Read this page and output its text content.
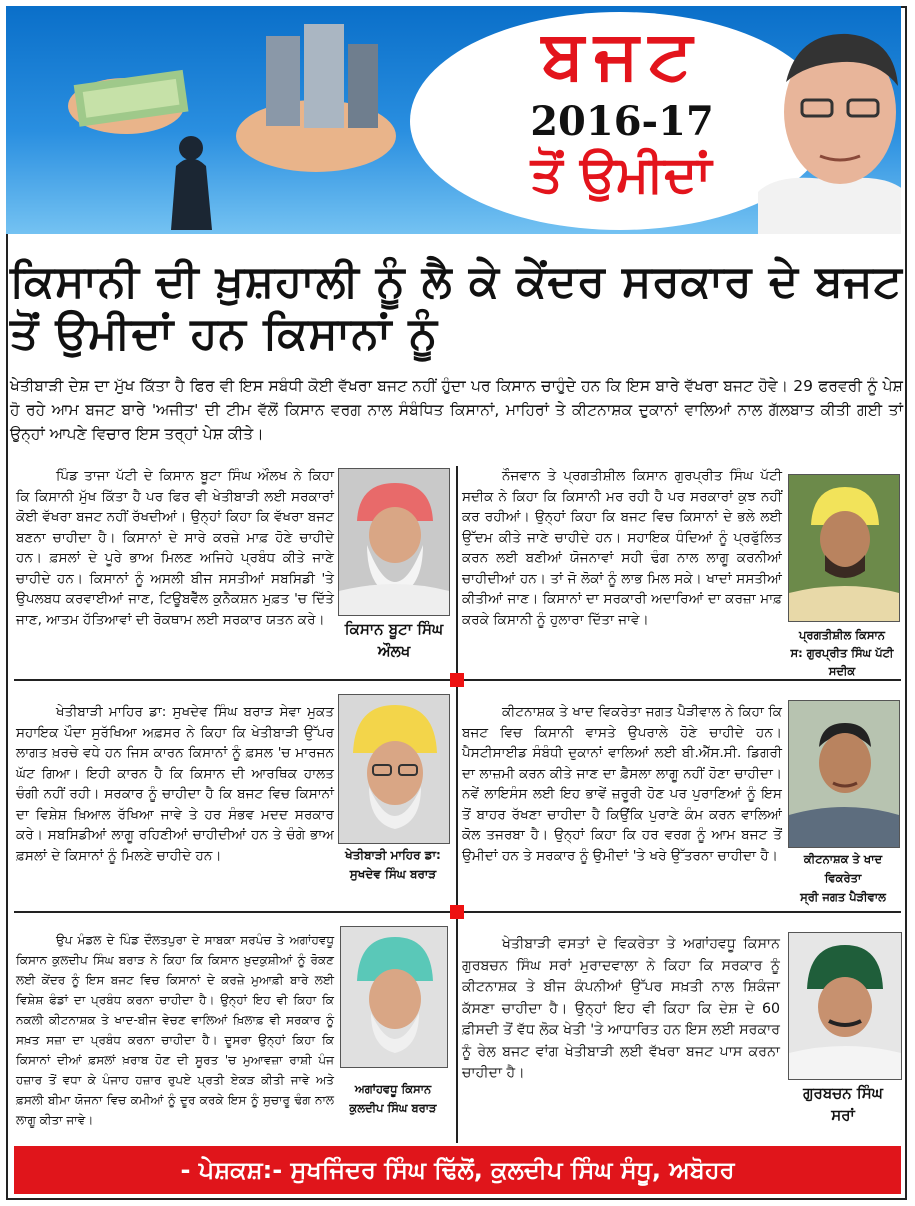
ਬਜਟ
2016-17
ਤੋਂ ਉਮੀਦਾਂ
ਕਿਸਾਨੀ ਦੀ ਖ਼ੁਸ਼ਹਾਲੀ ਨੂੰ ਲੈ ਕੇ ਕੇਂਦਰ ਸਰਕਾਰ ਦੇ ਬਜਟ ਤੋਂ ਉਮੀਦਾਂ ਹਨ ਕਿਸਾਨਾਂ ਨੂੰ
ਖੇਤੀਬਾੜੀ ਦੇਸ਼ ਦਾ ਮੁੱਖ ਕਿੱਤਾ ਹੈ ਫਿਰ ਵੀ ਇਸ ਸਬੰਧੀ ਕੋਈ ਵੱਖਰਾ ਬਜਟ ਨਹੀਂ ਹੁੰਦਾ ਪਰ ਕਿਸਾਨ ਚਾਹੁੰਦੇ ਹਨ ਕਿ ਇਸ ਬਾਰੇ ਵੱਖਰਾ ਬਜਟ ਹੋਵੇ। 29 ਫਰਵਰੀ ਨੂੰ ਪੇਸ਼ ਹੋ ਰਹੇ ਆਮ ਬਜਟ ਬਾਰੇ 'ਅਜੀਤ' ਦੀ ਟੀਮ ਵੱਲੋਂ ਕਿਸਾਨ ਵਰਗ ਨਾਲ ਸੰਬੰਧਿਤ ਕਿਸਾਨਾਂ, ਮਾਹਿਰਾਂ ਤੇ ਕੀਟਨਾਸ਼ਕ ਦੁਕਾਨਾਂ ਵਾਲਿਆਂ ਨਾਲ ਗੱਲਬਾਤ ਕੀਤੀ ਗਈ ਤਾਂ ਉਨ੍ਹਾਂ ਆਪਣੇ ਵਿਚਾਰ ਇਸ ਤਰ੍ਹਾਂ ਪੇਸ਼ ਕੀਤੇ।

ਪਿੰਡ ਤਾਜਾ ਪੱਟੀ ਦੇ ਕਿਸਾਨ ਬੂਟਾ ਸਿੰਘ ਔਲਖ ਨੇ ਕਿਹਾ ਕਿ ਕਿਸਾਨੀ ਮੁੱਖ ਕਿੱਤਾ ਹੈ ਪਰ ਫਿਰ ਵੀ ਖੇਤੀਬਾੜੀ ਲਈ ਸਰਕਾਰਾਂ ਕੋਈ ਵੱਖਰਾ ਬਜਟ ਨਹੀਂ ਰੱਖਦੀਆਂ। ਉਨ੍ਹਾਂ ਕਿਹਾ ਕਿ ਵੱਖਰਾ ਬਜਟ ਬਣਨਾ ਚਾਹੀਦਾ ਹੈ। ਕਿਸਾਨਾਂ ਦੇ ਸਾਰੇ ਕਰਜ਼ੇ ਮਾਫ਼ ਹੋਣੇ ਚਾਹੀਦੇ ਹਨ। ਫ਼ਸਲਾਂ ਦੇ ਪੂਰੇ ਭਾਅ ਮਿਲਣ ਅਜਿਹੇ ਪ੍ਰਬੰਧ ਕੀਤੇ ਜਾਣੇ ਚਾਹੀਦੇ ਹਨ। ਕਿਸਾਨਾਂ ਨੂੰ ਅਸਲੀ ਬੀਜ ਸਸਤੀਆਂ ਸਬਸਿਡੀ 'ਤੇ ਉਪਲਬਧ ਕਰਵਾਈਆਂ ਜਾਣ, ਟਿਊਬਵੈੱਲ ਕੁਨੈਕਸ਼ਨ ਮੁਫ਼ਤ 'ਚ ਦਿੱਤੇ ਜਾਣ, ਆਤਮ ਹੱਤਿਆਵਾਂ ਦੀ ਰੋਕਥਾਮ ਲਈ ਸਰਕਾਰ ਯਤਨ ਕਰੇ।

ਕਿਸਾਨ ਬੂਟਾ ਸਿੰਘ
ਔਲਖ

ਨੌਜਵਾਨ ਤੇ ਪ੍ਰਗਤੀਸ਼ੀਲ ਕਿਸਾਨ ਗੁਰਪ੍ਰੀਤ ਸਿੰਘ ਪੱਟੀ ਸਦੀਕ ਨੇ ਕਿਹਾ ਕਿ ਕਿਸਾਨੀ ਮਰ ਰਹੀ ਹੈ ਪਰ ਸਰਕਾਰਾਂ ਕੁਝ ਨਹੀਂ ਕਰ ਰਹੀਆਂ। ਉਨ੍ਹਾਂ ਕਿਹਾ ਕਿ ਬਜਟ ਵਿਚ ਕਿਸਾਨਾਂ ਦੇ ਭਲੇ ਲਈ ਉੱਦਮ ਕੀਤੇ ਜਾਣੇ ਚਾਹੀਦੇ ਹਨ। ਸਹਾਇਕ ਧੰਦਿਆਂ ਨੂੰ ਪ੍ਰਫੁੱਲਿਤ ਕਰਨ ਲਈ ਬਣੀਆਂ ਯੋਜਨਾਵਾਂ ਸਹੀ ਢੰਗ ਨਾਲ ਲਾਗੂ ਕਰਨੀਆਂ ਚਾਹੀਦੀਆਂ ਹਨ। ਤਾਂ ਜੋ ਲੋਕਾਂ ਨੂੰ ਲਾਭ ਮਿਲ ਸਕੇ। ਖਾਦਾਂ ਸਸਤੀਆਂ ਕੀਤੀਆਂ ਜਾਣ। ਕਿਸਾਨਾਂ ਦਾ ਸਰਕਾਰੀ ਅਦਾਰਿਆਂ ਦਾ ਕਰਜ਼ਾ ਮਾਫ਼ ਕਰਕੇ ਕਿਸਾਨੀ ਨੂੰ ਹੁਲਾਰਾ ਦਿੱਤਾ ਜਾਵੇ।

ਪ੍ਰਗਤੀਸ਼ੀਲ ਕਿਸਾਨ
ਸ: ਗੁਰਪ੍ਰੀਤ ਸਿੰਘ ਪੱਟੀ ਸਦੀਕ

ਖੇਤੀਬਾੜੀ ਮਾਹਿਰ ਡਾ: ਸੁਖਦੇਵ ਸਿੰਘ ਬਰਾੜ ਸੇਵਾ ਮੁਕਤ ਸਹਾਇਕ ਪੌਦਾ ਸੁਰੱਖਿਆ ਅਫ਼ਸਰ ਨੇ ਕਿਹਾ ਕਿ ਖੇਤੀਬਾੜੀ ਉੱਪਰ ਲਾਗਤ ਖ਼ਰਚੇ ਵਧੇ ਹਨ ਜਿਸ ਕਾਰਨ ਕਿਸਾਨਾਂ ਨੂੰ ਫ਼ਸਲ 'ਚ ਮਾਰਜਨ ਘੱਟ ਗਿਆ। ਇਹੀ ਕਾਰਨ ਹੈ ਕਿ ਕਿਸਾਨ ਦੀ ਆਰਥਿਕ ਹਾਲਤ ਚੰਗੀ ਨਹੀਂ ਰਹੀ। ਸਰਕਾਰ ਨੂੰ ਚਾਹੀਦਾ ਹੈ ਕਿ ਬਜਟ ਵਿਚ ਕਿਸਾਨਾਂ ਦਾ ਵਿਸ਼ੇਸ਼ ਖ਼ਿਆਲ ਰੱਖਿਆ ਜਾਵੇ ਤੇ ਹਰ ਸੰਭਵ ਮਦਦ ਸਰਕਾਰ ਕਰੇ। ਸਬਸਿਡੀਆਂ ਲਾਗੂ ਰਹਿਣੀਆਂ ਚਾਹੀਦੀਆਂ ਹਨ ਤੇ ਚੰਗੇ ਭਾਅ ਫ਼ਸਲਾਂ ਦੇ ਕਿਸਾਨਾਂ ਨੂੰ ਮਿਲਣੇ ਚਾਹੀਦੇ ਹਨ।	ਖੇਤੀਬਾੜੀ ਮਾਹਿਰ ਡਾ:
ਸੁਖਦੇਵ ਸਿੰਘ ਬਰਾੜ

ਕੀਟਨਾਸ਼ਕ ਤੇ ਖਾਦ ਵਿਕਰੇਤਾ ਜਗਤ ਪੈੜੀਵਾਲ ਨੇ ਕਿਹਾ ਕਿ ਬਜਟ ਵਿਚ ਕਿਸਾਨੀ ਵਾਸਤੇ ਉਪਰਾਲੇ ਹੋਣੇ ਚਾਹੀਦੇ ਹਨ। ਪੈਸਟੀਸਾਈਡ ਸੰਬੰਧੀ ਦੁਕਾਨਾਂ ਵਾਲਿਆਂ ਲਈ ਬੀ.ਐੱਸ.ਸੀ. ਡਿਗਰੀ ਦਾ ਲਾਜ਼ਮੀ ਕਰਨ ਕੀਤੇ ਜਾਣ ਦਾ ਫ਼ੈਸਲਾ ਲਾਗੂ ਨਹੀਂ ਹੋਣਾ ਚਾਹੀਦਾ। ਨਵੇਂ ਲਾਇਸੰਸ ਲਈ ਇਹ ਭਾਵੇਂ ਜ਼ਰੂਰੀ ਹੋਣ ਪਰ ਪੁਰਾਣਿਆਂ ਨੂੰ ਇਸ ਤੋਂ ਬਾਹਰ ਰੱਖਣਾ ਚਾਹੀਦਾ ਹੈ ਕਿਉਂਕਿ ਪੁਰਾਣੇ ਕੰਮ ਕਰਨ ਵਾਲਿਆਂ ਕੋਲ ਤਜਰਬਾ ਹੈ। ਉਨ੍ਹਾਂ ਕਿਹਾ ਕਿ ਹਰ ਵਰਗ ਨੂੰ ਆਮ ਬਜਟ ਤੋਂ ਉਮੀਦਾਂ ਹਨ ਤੇ ਸਰਕਾਰ ਨੂੰ ਉਮੀਦਾਂ 'ਤੇ ਖਰੇ ਉੱਤਰਨਾ ਚਾਹੀਦਾ ਹੈ।	ਕੀਟਨਾਸ਼ਕ ਤੇ ਖਾਦ ਵਿਕਰੇਤਾ
ਸ੍ਰੀ ਜਗਤ ਪੈੜੀਵਾਲ

ਉਪ ਮੰਡਲ ਦੇ ਪਿੰਡ ਦੌਲਤਪੁਰਾ ਦੇ ਸਾਬਕਾ ਸਰਪੰਚ ਤੇ ਅਗਾਂਹਵਧੂ ਕਿਸਾਨ ਕੁਲਦੀਪ ਸਿੰਘ ਬਰਾੜ ਨੇ ਕਿਹਾ ਕਿ ਕਿਸਾਨ ਖ਼ੁਦਕੁਸ਼ੀਆਂ ਨੂੰ ਰੋਕਣ ਲਈ ਕੇਂਦਰ ਨੂੰ ਇਸ ਬਜਟ ਵਿਚ ਕਿਸਾਨਾਂ ਦੇ ਕਰਜ਼ੇ ਮੁਆਫ਼ੀ ਬਾਰੇ ਲਈ ਵਿਸ਼ੇਸ਼ ਫੰਡਾਂ ਦਾ ਪ੍ਰਬੰਧ ਕਰਨਾ ਚਾਹੀਦਾ ਹੈ। ਉਨ੍ਹਾਂ ਇਹ ਵੀ ਕਿਹਾ ਕਿ ਨਕਲੀ ਕੀਟਨਾਸ਼ਕ ਤੇ ਖਾਦ-ਬੀਜ ਵੇਚਣ ਵਾਲਿਆਂ ਖ਼ਿਲਾਫ਼ ਵੀ ਸਰਕਾਰ ਨੂੰ ਸਖ਼ਤ ਸਜ਼ਾ ਦਾ ਪ੍ਰਬੰਧ ਕਰਨਾ ਚਾਹੀਦਾ ਹੈ। ਦੂਸਰਾ ਉਨ੍ਹਾਂ ਕਿਹਾ ਕਿ ਕਿਸਾਨਾਂ ਦੀਆਂ ਫ਼ਸਲਾਂ ਖ਼ਰਾਬ ਹੋਣ ਦੀ ਸੂਰਤ 'ਚ ਮੁਆਵਜ਼ਾ ਰਾਸ਼ੀ ਪੰਜ ਹਜ਼ਾਰ ਤੋਂ ਵਧਾ ਕੇ ਪੰਜਾਹ ਹਜ਼ਾਰ ਰੁਪਏ ਪ੍ਰਤੀ ਏਕੜ ਕੀਤੀ ਜਾਵੇ ਅਤੇ ਫ਼ਸਲੀ ਬੀਮਾ ਯੋਜਨਾ ਵਿਚ ਕਮੀਆਂ ਨੂੰ ਦੂਰ ਕਰਕੇ ਇਸ ਨੂੰ ਸੁਚਾਰੂ ਢੰਗ ਨਾਲ ਲਾਗੂ ਕੀਤਾ ਜਾਵੇ।

ਅਗਾਂਹਵਧੂ ਕਿਸਾਨ
ਕੁਲਦੀਪ ਸਿੰਘ ਬਰਾੜ

ਖੇਤੀਬਾੜੀ ਵਸਤਾਂ ਦੇ ਵਿਕਰੇਤਾ ਤੇ ਅਗਾਂਹਵਧੂ ਕਿਸਾਨ ਗੁਰਬਚਨ ਸਿੰਘ ਸਰਾਂ ਮੁਰਾਦਵਾਲਾ ਨੇ ਕਿਹਾ ਕਿ ਸਰਕਾਰ ਨੂੰ ਕੀਟਨਾਸ਼ਕ ਤੇ ਬੀਜ ਕੰਪਨੀਆਂ ਉੱਪਰ ਸਖ਼ਤੀ ਨਾਲ ਸ਼ਿਕੰਜਾ ਕੱਸਣਾ ਚਾਹੀਦਾ ਹੈ। ਉਨ੍ਹਾਂ ਇਹ ਵੀ ਕਿਹਾ ਕਿ ਦੇਸ਼ ਦੇ 60 ਫ਼ੀਸਦੀ ਤੋਂ ਵੱਧ ਲੋਕ ਖੇਤੀ 'ਤੇ ਆਧਾਰਿਤ ਹਨ ਇਸ ਲਈ ਸਰਕਾਰ ਨੂੰ ਰੇਲ ਬਜਟ ਵਾਂਗ ਖੇਤੀਬਾੜੀ ਲਈ ਵੱਖਰਾ ਬਜਟ ਪਾਸ ਕਰਨਾ ਚਾਹੀਦਾ ਹੈ।

ਗੁਰਬਚਨ ਸਿੰਘ
ਸਰਾਂ
- ਪੇਸ਼ਕਸ਼:- ਸੁਖਜਿੰਦਰ ਸਿੰਘ ਢਿੱਲੋਂ, ਕੁਲਦੀਪ ਸਿੰਘ ਸੰਧੂ, ਅਬੋਹਰ
